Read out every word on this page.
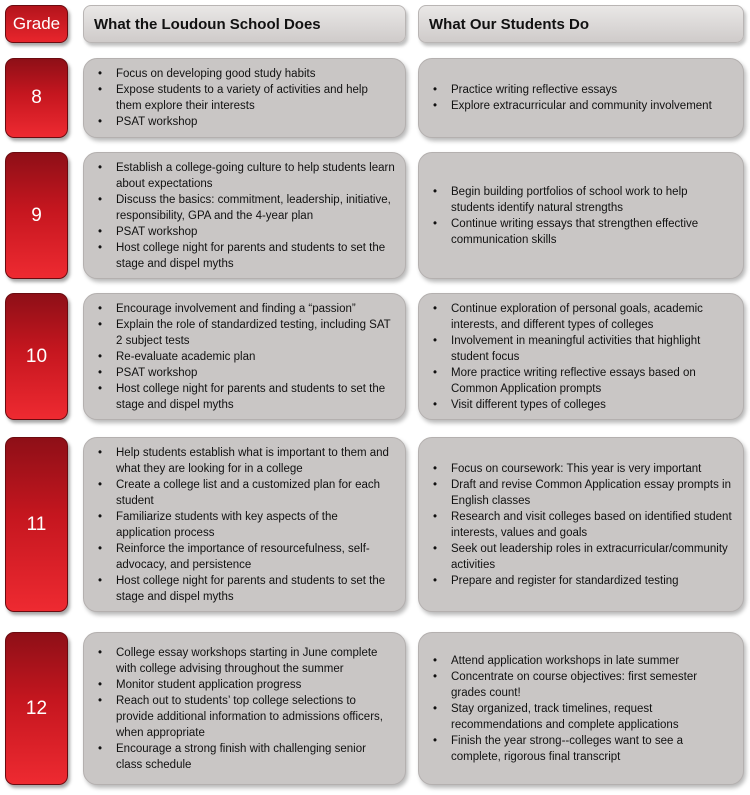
Grade	What the Loudoun School Does	What Our Students Do
8
• Focus on developing good study habits
• Expose students to a variety of activities and help them explore their interests
• PSAT workshop
• Practice writing reflective essays
• Explore extracurricular and community involvement
9
• Establish a college-going culture to help students learn about expectations
• Discuss the basics: commitment, leadership, initiative, responsibility, GPA and the 4-year plan
• PSAT workshop
• Host college night for parents and students to set the stage and dispel myths
• Begin building portfolios of school work to help students identify natural strengths
• Continue writing essays that strengthen effective communication skills
10
• Encourage involvement and finding a “passion”
• Explain the role of standardized testing, including SAT 2 subject tests
• Re-evaluate academic plan
• PSAT workshop
• Host college night for parents and students to set the stage and dispel myths
• Continue exploration of personal goals, academic interests, and different types of colleges
• Involvement in meaningful activities that highlight student focus
• More practice writing reflective essays based on Common Application prompts
• Visit different types of colleges
11
• Help students establish what is important to them and what they are looking for in a college
• Create a college list and a customized plan for each student
• Familiarize students with key aspects of the application process
• Reinforce the importance of resourcefulness, self-advocacy, and persistence
• Host college night for parents and students to set the stage and dispel myths
• Focus on coursework: This year is very important
• Draft and revise Common Application essay prompts in English classes
• Research and visit colleges based on identified student interests, values and goals
• Seek out leadership roles in extracurricular/community activities
• Prepare and register for standardized testing
12
• College essay workshops starting in June complete with college advising throughout the summer
• Monitor student application progress
• Reach out to students’ top college selections to provide additional information to admissions officers, when appropriate
• Encourage a strong finish with challenging senior class schedule
• Attend application workshops in late summer
• Concentrate on course objectives: first semester grades count!
• Stay organized, track timelines, request recommendations and complete applications
• Finish the year strong--colleges want to see a complete, rigorous final transcript
